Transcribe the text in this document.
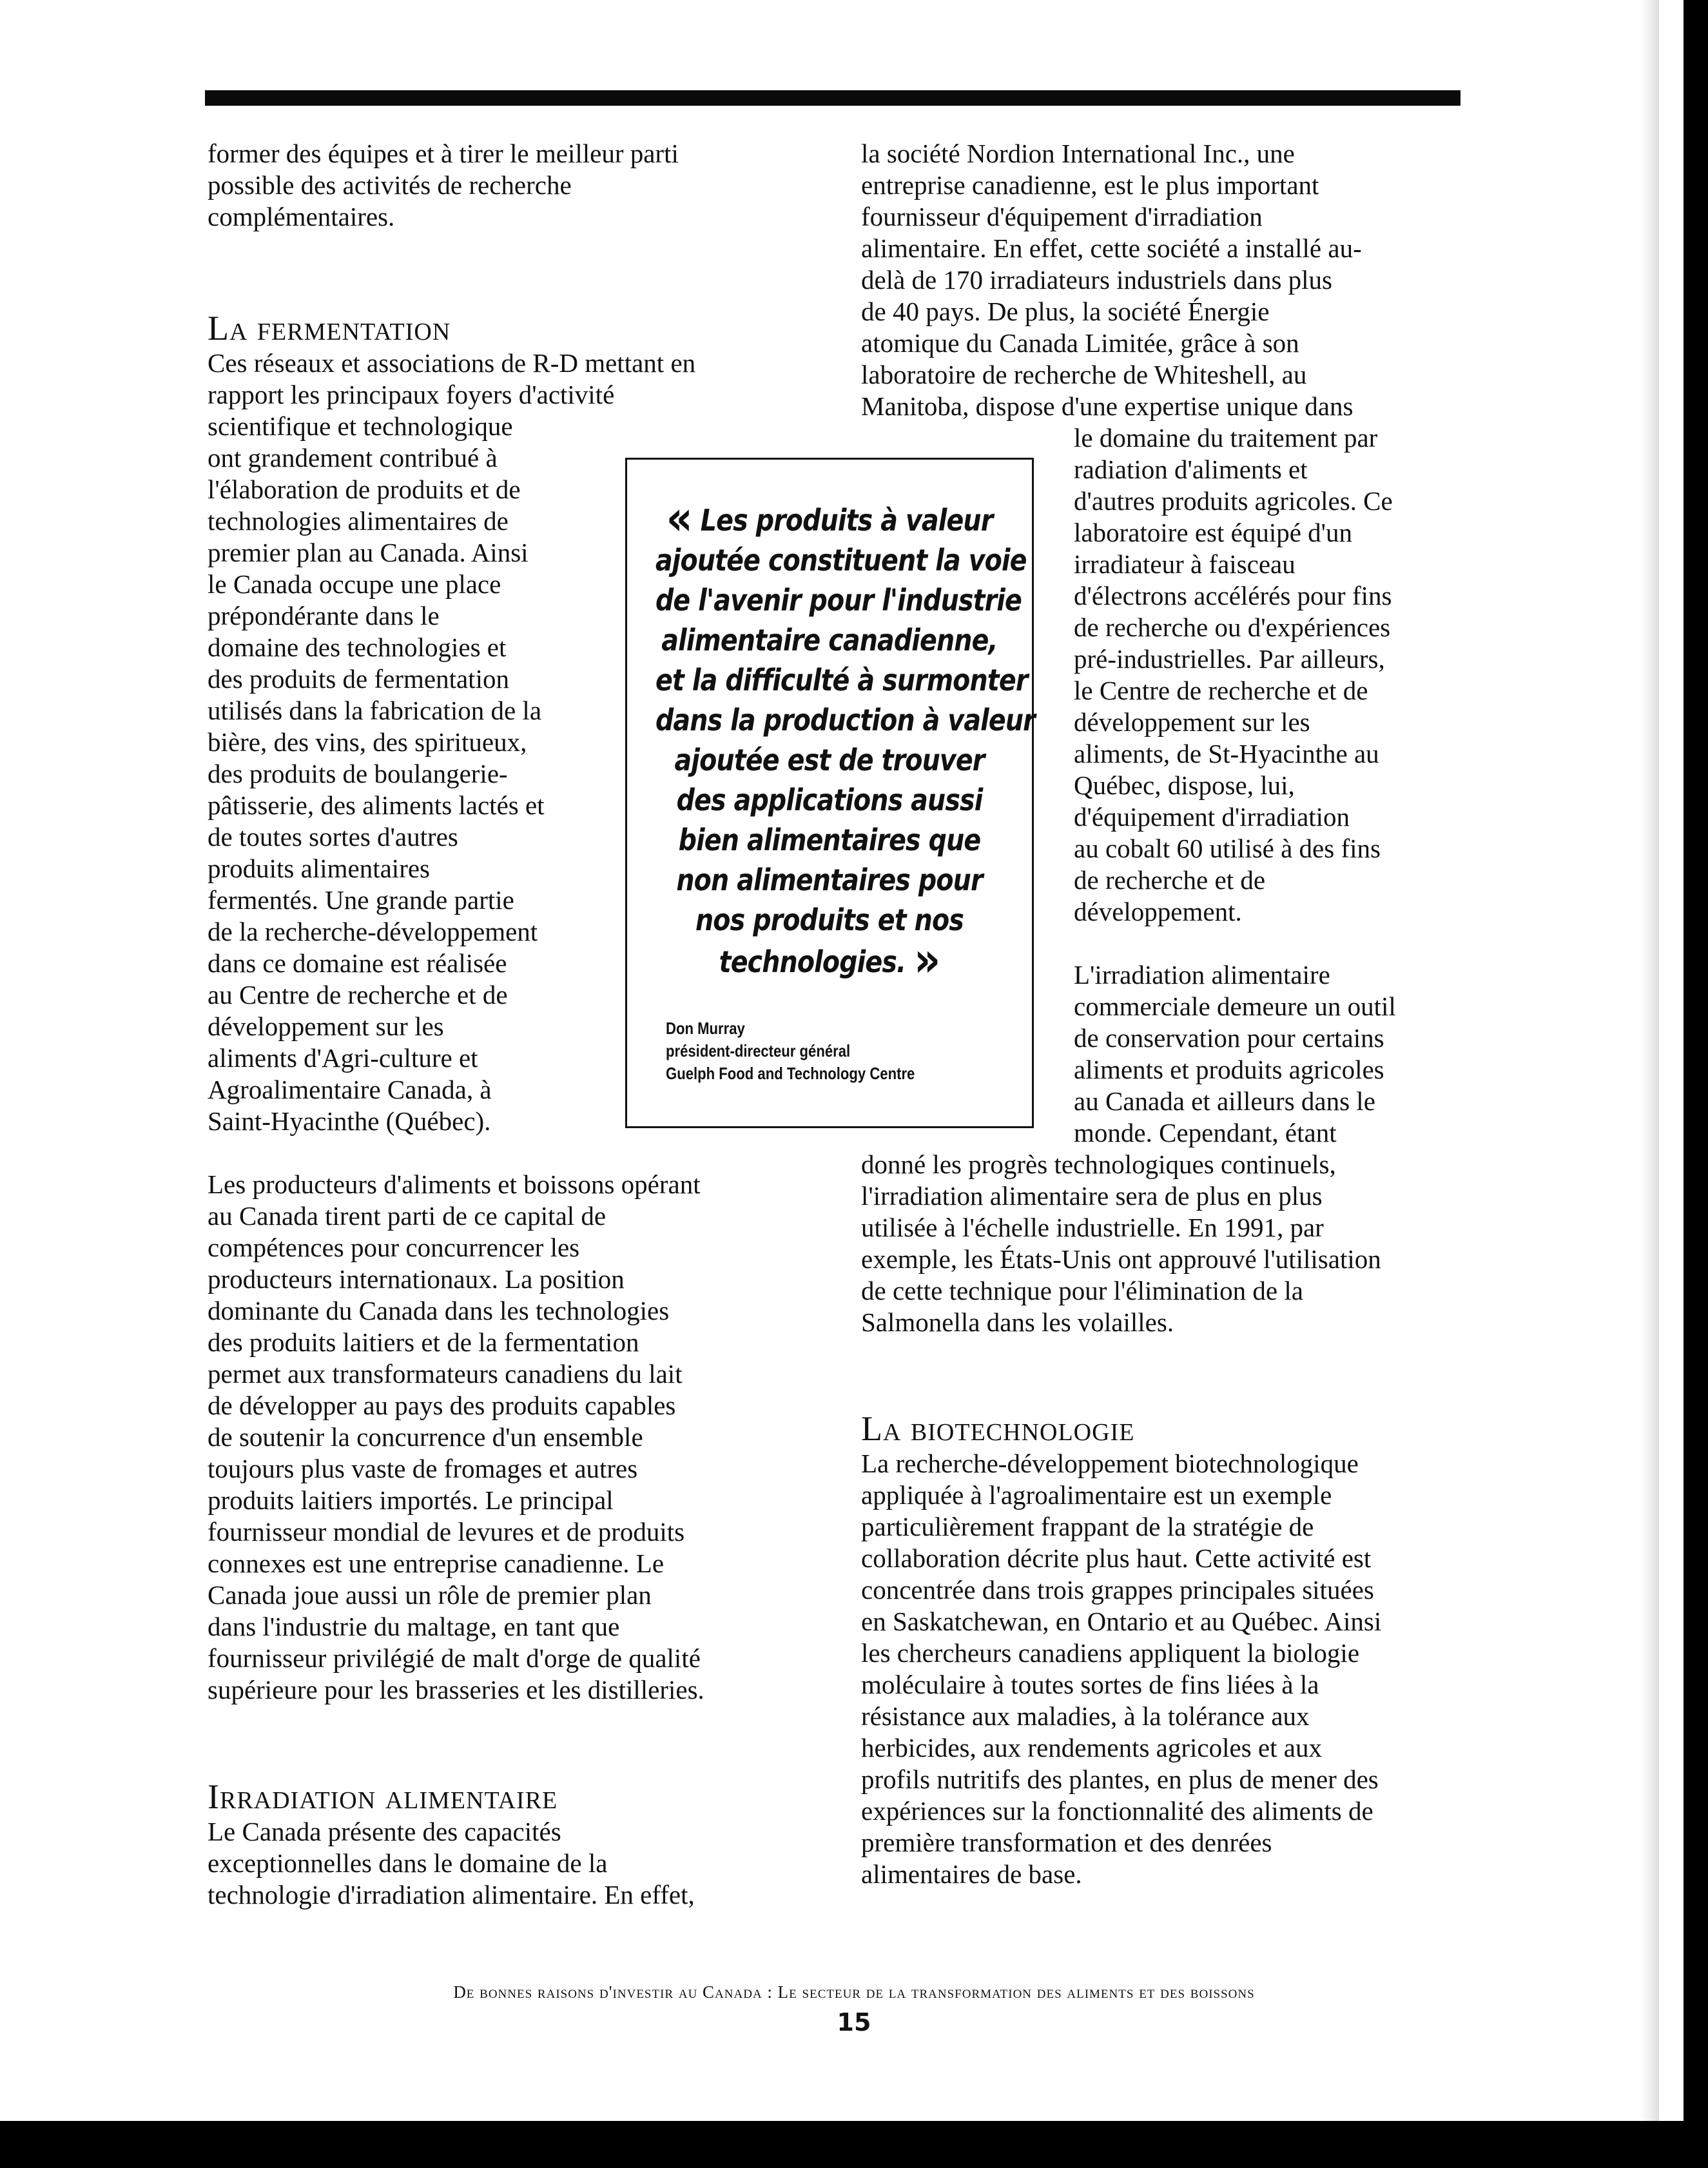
former des équipes et à tirer le meilleur parti
possible des activités de recherche
complémentaires.

La fermentation

Ces réseaux et associations de R-D mettant en
rapport les principaux foyers d'activité
scientifique et technologique
ont grandement contribué à
l'élaboration de produits et de
technologies alimentaires de
premier plan au Canada. Ainsi
le Canada occupe une place
prépondérante dans le
domaine des technologies et
des produits de fermentation
utilisés dans la fabrication de la
bière, des vins, des spiritueux,
des produits de boulangerie-
pâtisserie, des aliments lactés et
de toutes sortes d'autres
produits alimentaires
fermentés. Une grande partie
de la recherche-développement
dans ce domaine est réalisée
au Centre de recherche et de
développement sur les
aliments d'Agri-culture et
Agroalimentaire Canada, à
Saint-Hyacinthe (Québec).

Les producteurs d'aliments et boissons opérant
au Canada tirent parti de ce capital de
compétences pour concurrencer les
producteurs internationaux. La position
dominante du Canada dans les technologies
des produits laitiers et de la fermentation
permet aux transformateurs canadiens du lait
de développer au pays des produits capables
de soutenir la concurrence d'un ensemble
toujours plus vaste de fromages et autres
produits laitiers importés. Le principal
fournisseur mondial de levures et de produits
connexes est une entreprise canadienne. Le
Canada joue aussi un rôle de premier plan
dans l'industrie du maltage, en tant que
fournisseur privilégié de malt d'orge de qualité
supérieure pour les brasseries et les distilleries.

Irradiation alimentaire

Le Canada présente des capacités
exceptionnelles dans le domaine de la
technologie d'irradiation alimentaire. En effet,

la société Nordion International Inc., une
entreprise canadienne, est le plus important
fournisseur d'équipement d'irradiation
alimentaire. En effet, cette société a installé au-
delà de 170 irradiateurs industriels dans plus
de 40 pays. De plus, la société Énergie
atomique du Canada Limitée, grâce à son
laboratoire de recherche de Whiteshell, au
Manitoba, dispose d'une expertise unique dans
le domaine du traitement par
radiation d'aliments et
d'autres produits agricoles. Ce
laboratoire est équipé d'un
irradiateur à faisceau
d'électrons accélérés pour fins
de recherche ou d'expériences
pré-industrielles. Par ailleurs,
le Centre de recherche et de
développement sur les
aliments, de St-Hyacinthe au
Québec, dispose, lui,
d'équipement d'irradiation
au cobalt 60 utilisé à des fins
de recherche et de
développement.

L'irradiation alimentaire
commerciale demeure un outil
de conservation pour certains
aliments et produits agricoles
au Canada et ailleurs dans le
monde. Cependant, étant
donné les progrès technologiques continuels,
l'irradiation alimentaire sera de plus en plus
utilisée à l'échelle industrielle. En 1991, par
exemple, les États-Unis ont approuvé l'utilisation
de cette technique pour l'élimination de la
Salmonella dans les volailles.

La biotechnologie

La recherche-développement biotechnologique
appliquée à l'agroalimentaire est un exemple
particulièrement frappant de la stratégie de
collaboration décrite plus haut. Cette activité est
concentrée dans trois grappes principales situées
en Saskatchewan, en Ontario et au Québec. Ainsi
les chercheurs canadiens appliquent la biologie
moléculaire à toutes sortes de fins liées à la
résistance aux maladies, à la tolérance aux
herbicides, aux rendements agricoles et aux
profils nutritifs des plantes, en plus de mener des
expériences sur la fonctionnalité des aliments de
première transformation et des denrées
alimentaires de base.

« Les produits à valeur
ajoutée constituent la voie
de l'avenir pour l'industrie
alimentaire canadienne,
et la difficulté à surmonter
dans la production à valeur
ajoutée est de trouver
des applications aussi
bien alimentaires que
non alimentaires pour
nos produits et nos
technologies. »
Don Murray
président-directeur général
Guelph Food and Technology Centre
De bonnes raisons d'investir au Canada : Le secteur de la transformation des aliments et des boissons
15
